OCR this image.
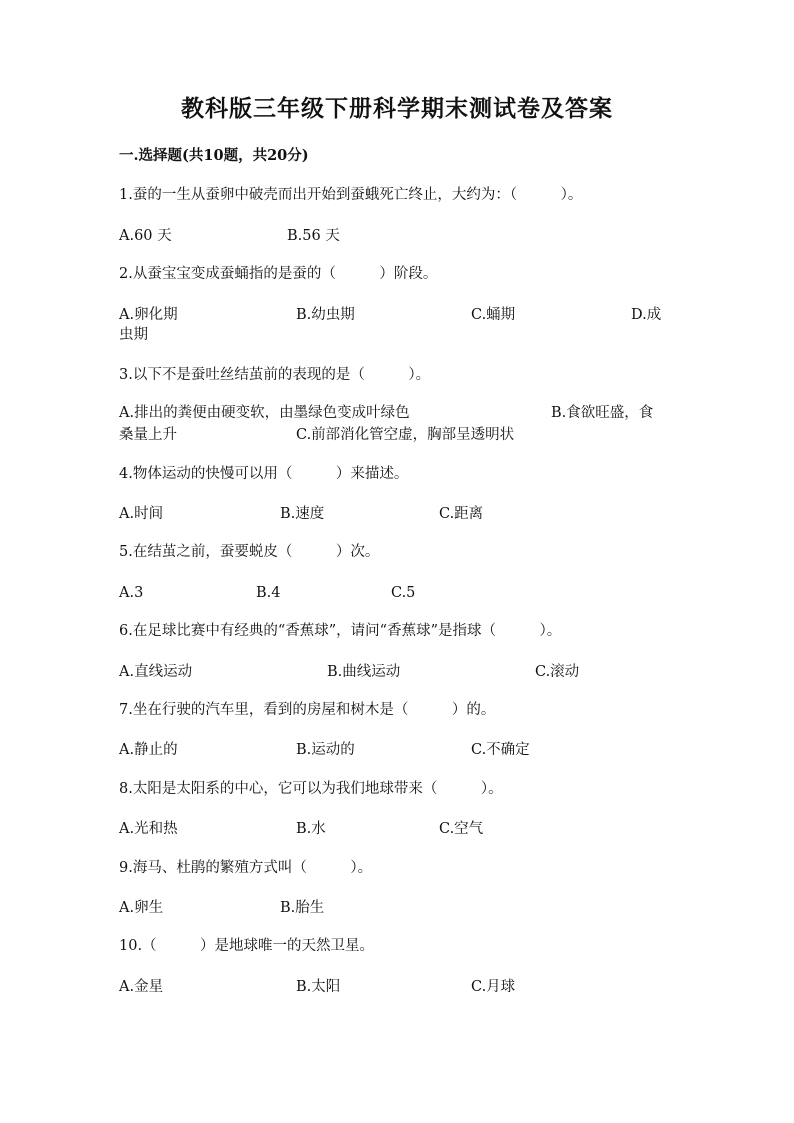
教科版三年级下册科学期末测试卷及答案
一.选择题(共10题，共20分)
1.蚕的一生从蚕卵中破壳而出开始到蚕蛾死亡终止，大约为：（　　　）。
A.60 天	B.56 天
2.从蚕宝宝变成蚕蛹指的是蚕的（　　　）阶段。
A.卵化期	B.幼虫期	C.蛹期	D.成
虫期
3.以下不是蚕吐丝结茧前的表现的是（　　　）。
A.排出的粪便由硬变软，由墨绿色变成叶绿色	B.食欲旺盛，食
桑量上升	C.前部消化管空虚，胸部呈透明状
4.物体运动的快慢可以用（　　　）来描述。
A.时间	B.速度	C.距离
5.在结茧之前，蚕要蜕皮（　　　）次。
A.3	B.4	C.5
6.在足球比赛中有经典的“香蕉球”，请问“香蕉球”是指球（　　　）。
A.直线运动	B.曲线运动	C.滚动
7.坐在行驶的汽车里，看到的房屋和树木是（　　　）的。
A.静止的	B.运动的	C.不确定
8.太阳是太阳系的中心，它可以为我们地球带来（　　　）。
A.光和热	B.水	C.空气
9.海马、杜鹃的繁殖方式叫（　　　）。
A.卵生	B.胎生
10.（　　　）是地球唯一的天然卫星。
A.金星	B.太阳	C.月球
